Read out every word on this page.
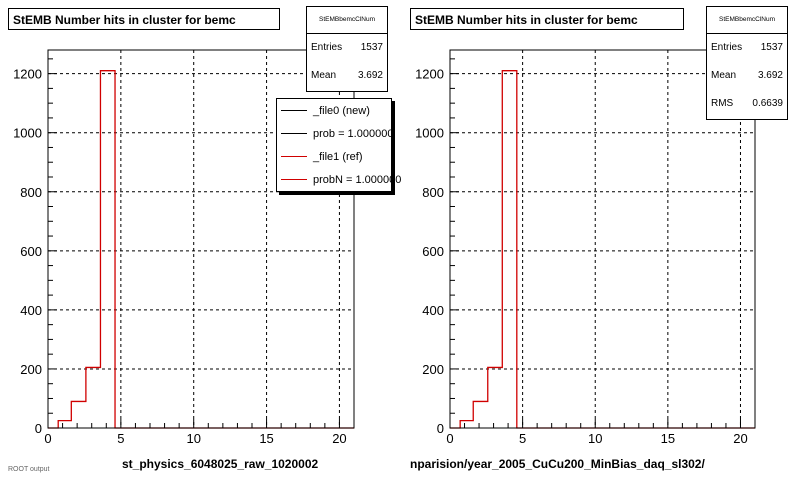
0	5	10	15	20
0
200
400
600
800
1000
1200
0	5	10	15	20
0
200
400
600
800
1000
1200
StEMB Number hits in cluster for bemc	StEMBbemcClNum
Entries 1537
Mean 3.692
_file0 (new)
prob = 1.000000
_file1 (ref)
probN = 1.000000
st_physics_6048025_raw_1020002
StEMB Number hits in cluster for bemc	StEMBbemcClNum
Entries 1537
Mean 3.692
RMS 0.6639
nparision/year_2005_CuCu200_MinBias_daq_sl302/
ROOT output
